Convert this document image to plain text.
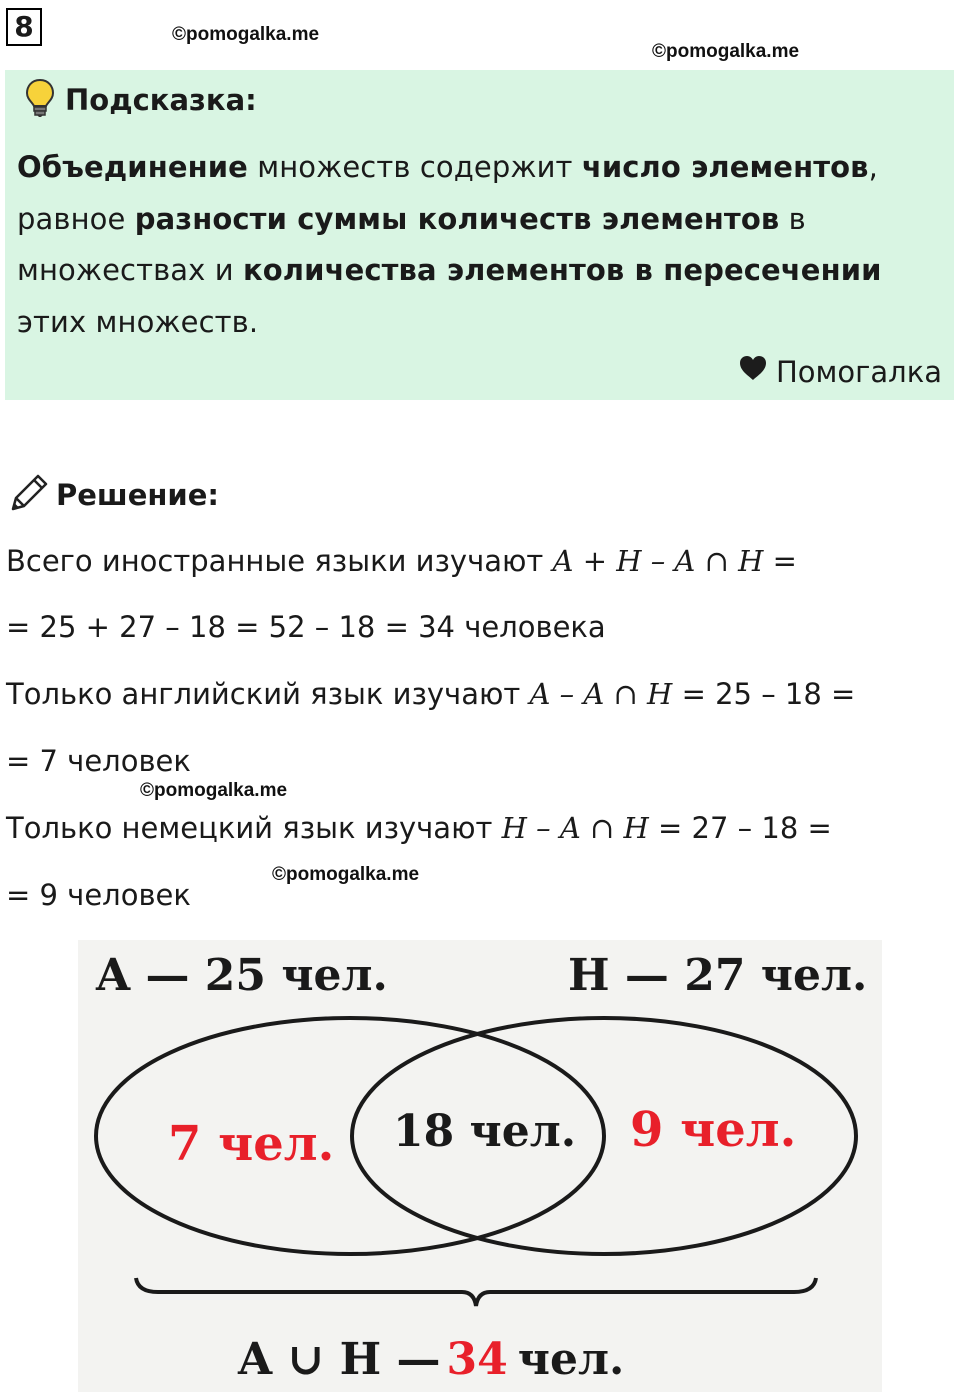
8	©pomogalka.me
©pomogalka.me
Подсказка:
Объединение множеств содержит число элементов, равное разности суммы количеств элементов в множествах и количества элементов в пересечении этих множеств.
Помогалка
Решение:
Всего иностранные языки изучают A + H – A ∩ H =
= 25 + 27 – 18 = 52 – 18 = 34 человека
Только английский язык изучают A – A ∩ H = 25 – 18 =
= 7 человек
©pomogalka.me
Только немецкий язык изучают H – A ∩ H = 27 – 18 =
©pomogalka.me
= 9 человек
A — 25 чел.	H — 27 чел.
7 чел. 18 чел. 9 чел.
A ∪ H — 34 чел.
